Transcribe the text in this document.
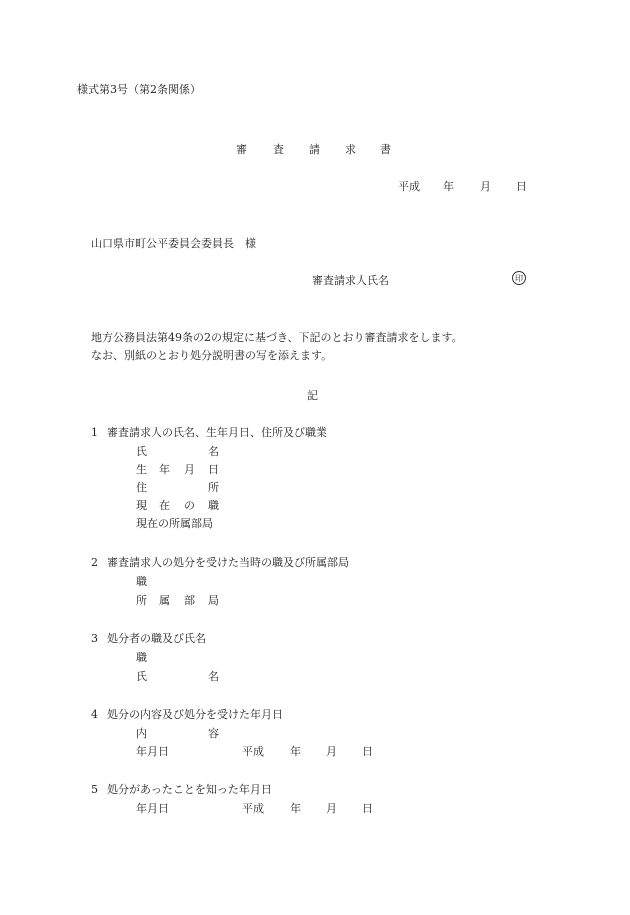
様式第3号（第2条関係）
審 査 請 求 書
平成 年 月 日
山口県市町公平委員会委員長　様
審査請求人氏名	印
地方公務員法第49条の2の規定に基づき、下記のとおり審査請求をします。
なお、別紙のとおり処分説明書の写を添えます。
記
1 審査請求人の氏名、生年月日、住所及び職業
氏	名
生 年 月 日
住	所
現 在 の 職
現在の所属部局
2 審査請求人の処分を受けた当時の職及び所属部局
職
所 属 部 局
3 処分者の職及び氏名
職
氏	名
4 処分の内容及び処分を受けた年月日
内	容
年月日	平成 年 月 日
5 処分があったことを知った年月日
年月日	平成 年 月 日
